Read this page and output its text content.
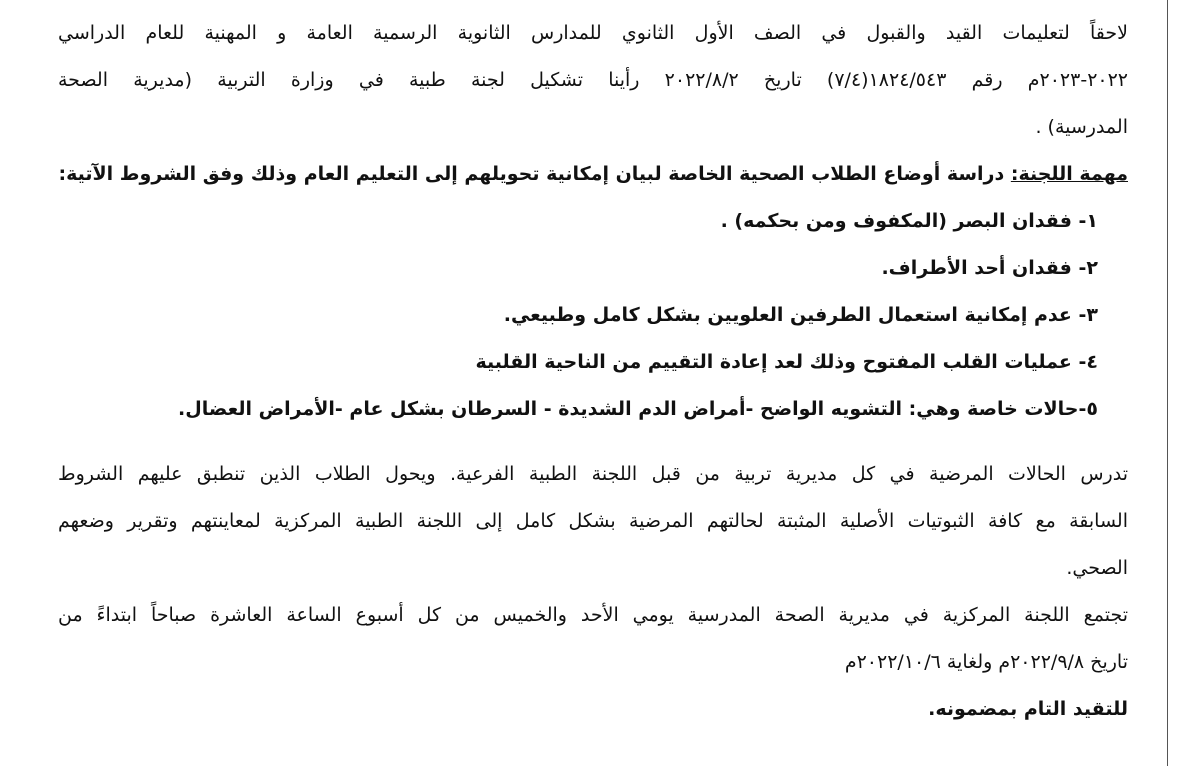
لاحقاً لتعليمات القيد والقبول في الصف الأول الثانوي للمدارس الثانوية الرسمية العامة و المهنية للعام الدراسي
٢٠٢٢-٢٠٢٣م رقم ١٨٢٤/٥٤٣(٧/٤) تاريخ ٢٠٢٢/٨/٢ رأينا تشكيل لجنة طبية في وزارة التربية (مديرية الصحة
المدرسية) .
مهمة اللجنة: دراسة أوضاع الطلاب الصحية الخاصة لبيان إمكانية تحويلهم إلى التعليم العام وذلك وفق الشروط الآتية:
١- فقدان البصر (المكفوف ومن بحكمه) .
٢- فقدان أحد الأطراف.
٣- عدم إمكانية استعمال الطرفين العلويين بشكل كامل وطبيعي.
٤- عمليات القلب المفتوح وذلك لعد إعادة التقييم من الناحية القلبية
٥-حالات خاصة وهي: التشويه الواضح -أمراض الدم الشديدة - السرطان بشكل عام -الأمراض العضال.
تدرس الحالات المرضية في كل مديرية تربية من قبل اللجنة الطبية الفرعية. ويحول الطلاب الذين تنطبق عليهم الشروط
السابقة مع كافة الثبوتيات الأصلية المثبتة لحالتهم المرضية بشكل كامل إلى اللجنة الطبية المركزية لمعاينتهم وتقرير وضعهم
الصحي.
تجتمع اللجنة المركزية في مديرية الصحة المدرسية يومي الأحد والخميس من كل أسبوع الساعة العاشرة صباحاً ابتداءً من
تاريخ ٢٠٢٢/٩/٨م ولغاية ٢٠٢٢/١٠/٦م
للتقيد التام بمضمونه.
